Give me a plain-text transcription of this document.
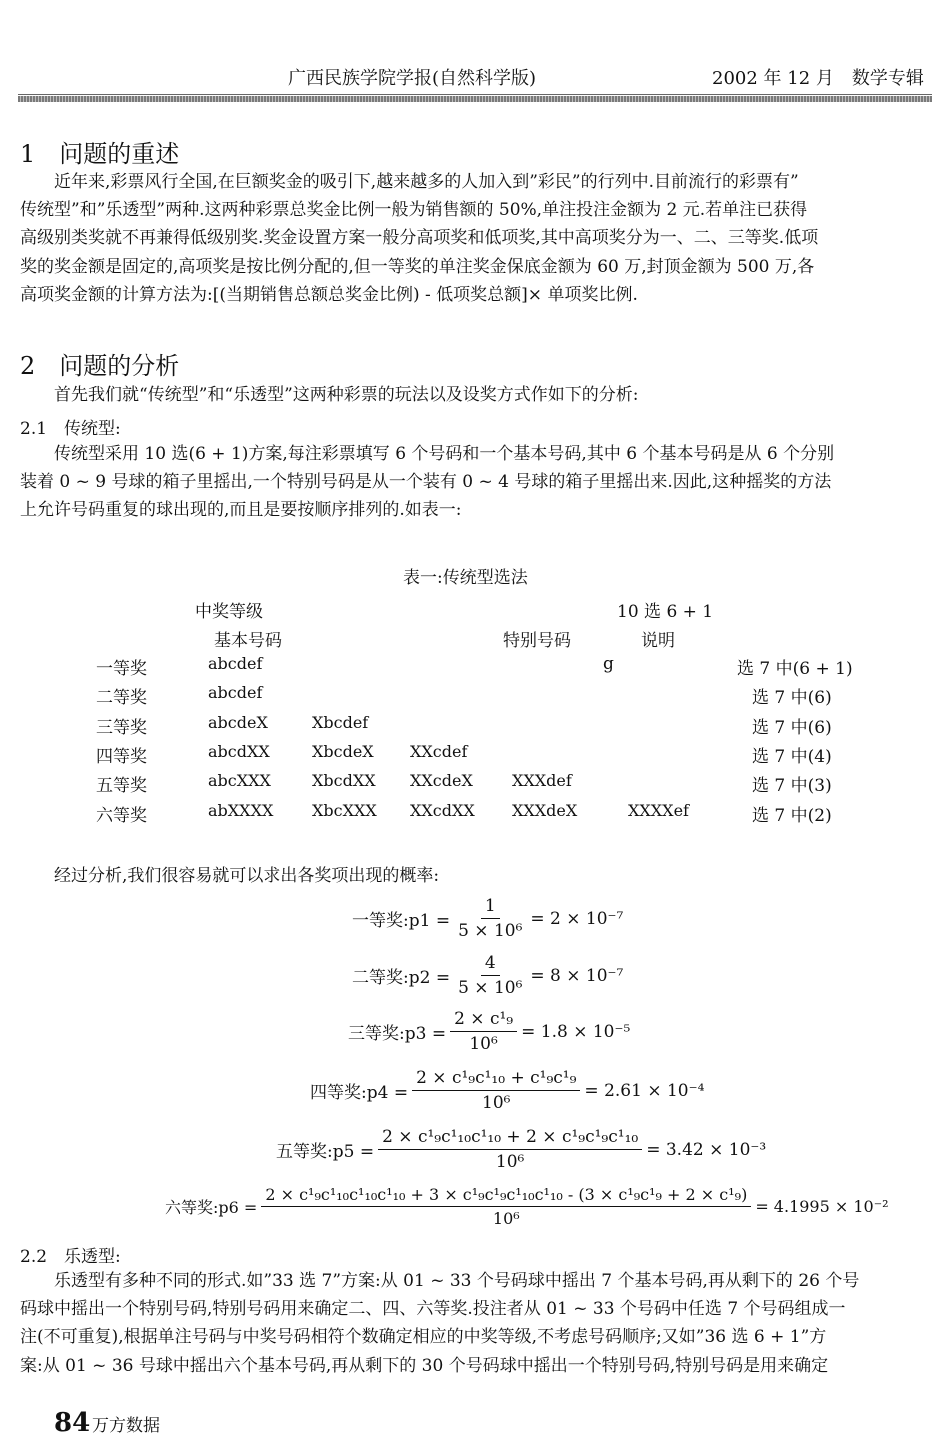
广西民族学院学报(自然科学版)	2002 年 12 月　数学专辑
1　问题的重述
　　近年来,彩票风行全国,在巨额奖金的吸引下,越来越多的人加入到”彩民”的行列中.目前流行的彩票有”
传统型”和”乐透型”两种.这两种彩票总奖金比例一般为销售额的 50%,单注投注金额为 2 元.若单注已获得
高级别类奖就不再兼得低级别奖.奖金设置方案一般分高项奖和低项奖,其中高项奖分为一、二、三等奖.低项
奖的奖金额是固定的,高项奖是按比例分配的,但一等奖的单注奖金保底金额为 60 万,封顶金额为 500 万,各
高项奖金额的计算方法为:[(当期销售总额总奖金比例) - 低项奖总额]× 单项奖比例.
2　问题的分析
　　首先我们就“传统型”和“乐透型”这两种彩票的玩法以及设奖方式作如下的分析:
2.1　传统型:
　　传统型采用 10 选(6 + 1)方案,每注彩票填写 6 个号码和一个基本号码,其中 6 个基本号码是从 6 个分别
装着 0 ~ 9 号球的箱子里摇出,一个特别号码是从一个装有 0 ~ 4 号球的箱子里摇出来.因此,这种摇奖的方法
上允许号码重复的球出现的,而且是要按顺序排列的.如表一:
表一:传统型选法
中奖等级	10 选 6 + 1
基本号码	特别号码	说明
一等奖	abcdef	g	选 7 中(6 + 1)
二等奖	abcdef	选 7 中(6)
三等奖	abcdeX	Xbcdef	选 7 中(6)
四等奖	abcdXX	XbcdeX XXcdef	选 7 中(4)
五等奖	abcXXX	XbcdXX XXcdeX XXXdef	选 7 中(3)
六等奖	abXXXX XbcXXX XXcdXX XXXdeX	XXXXef	选 7 中(2)
　　经过分析,我们很容易就可以求出各奖项出现的概率:
一等奖:p1 = $\frac{1}{\text{5 × 10⁶}} = 2 \times 10^{-7}$
二等奖:p2 = $\frac{4}{\text{5 × 10⁶}} = 8 \times 10^{-7}$
三等奖:p3 = $\frac{\text{2 × c¹₉}}{\text{10⁶}} = 1.8 \times 10^{-5}$
四等奖:p4 = $\frac{\text{2 × c¹₉c¹₁₀ + c¹₉c¹₉}}{\text{10⁶}} = 2.61 \times 10^{-4}$
五等奖:p5 = $\frac{\text{2 × c¹₉c¹₁₀c¹₁₀ + 2 × c¹₉c¹₉c¹₁₀}}{\text{10⁶}} = 3.42 \times 10^{-3}$
六等奖:p6 =
2 × c¹₉c¹₁₀c¹₁₀c¹₁₀ + 3 × c¹₉c¹₉c¹₁₀c¹₁₀ - (3 × c¹₉c¹₉ + 2 × c¹₉)
10⁶
= 4.1995 × 10⁻²
2.2　乐透型:
　　乐透型有多种不同的形式.如”33 选 7”方案:从 01 ~ 33 个号码球中摇出 7 个基本号码,再从剩下的 26 个号
码球中摇出一个特别号码,特别号码用来确定二、四、六等奖.投注者从 01 ~ 33 个号码中任选 7 个号码组成一
注(不可重复),根据单注号码与中奖号码相符个数确定相应的中奖等级,不考虑号码顺序;又如”36 选 6 + 1”方
案:从 01 ~ 36 号球中摇出六个基本号码,再从剩下的 30 个号码球中摇出一个特别号码,特别号码是用来确定
84 万方数据
